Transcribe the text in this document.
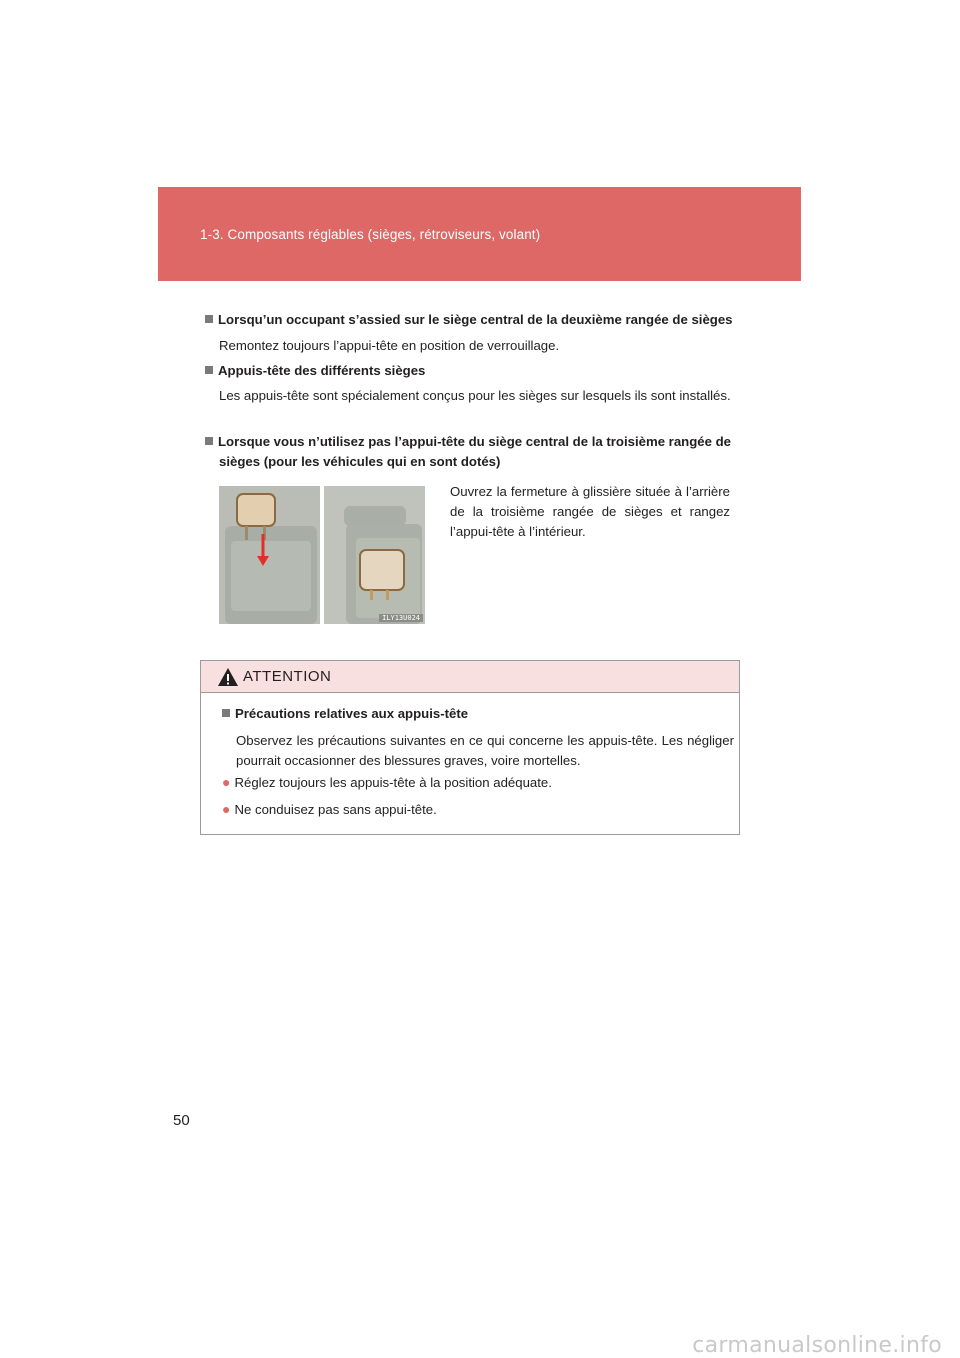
1-3. Composants réglables (sièges, rétroviseurs, volant)
Lorsqu’un occupant s’assied sur le siège central de la deuxième rangée de sièges
Remontez toujours l’appui-tête en position de verrouillage.
Appuis-tête des différents sièges
Les appuis-tête sont spécialement conçus pour les sièges sur lesquels ils sont installés.
Lorsque vous n’utilisez pas l’appui-tête du siège central de la troisième rangée de sièges (pour les véhicules qui en sont dotés)
ILY13U024
Ouvrez la fermeture à glissière située à l’arrière de la troisième rangée de sièges et rangez l’appui-tête à l’intérieur.
ATTENTION
Précautions relatives aux appuis-tête
Observez les précautions suivantes en ce qui concerne les appuis-tête. Les négliger pourrait occasionner des blessures graves, voire mortelles.
● Réglez toujours les appuis-tête à la position adéquate.
● Ne conduisez pas sans appui-tête.
50
carmanualsonline.info
